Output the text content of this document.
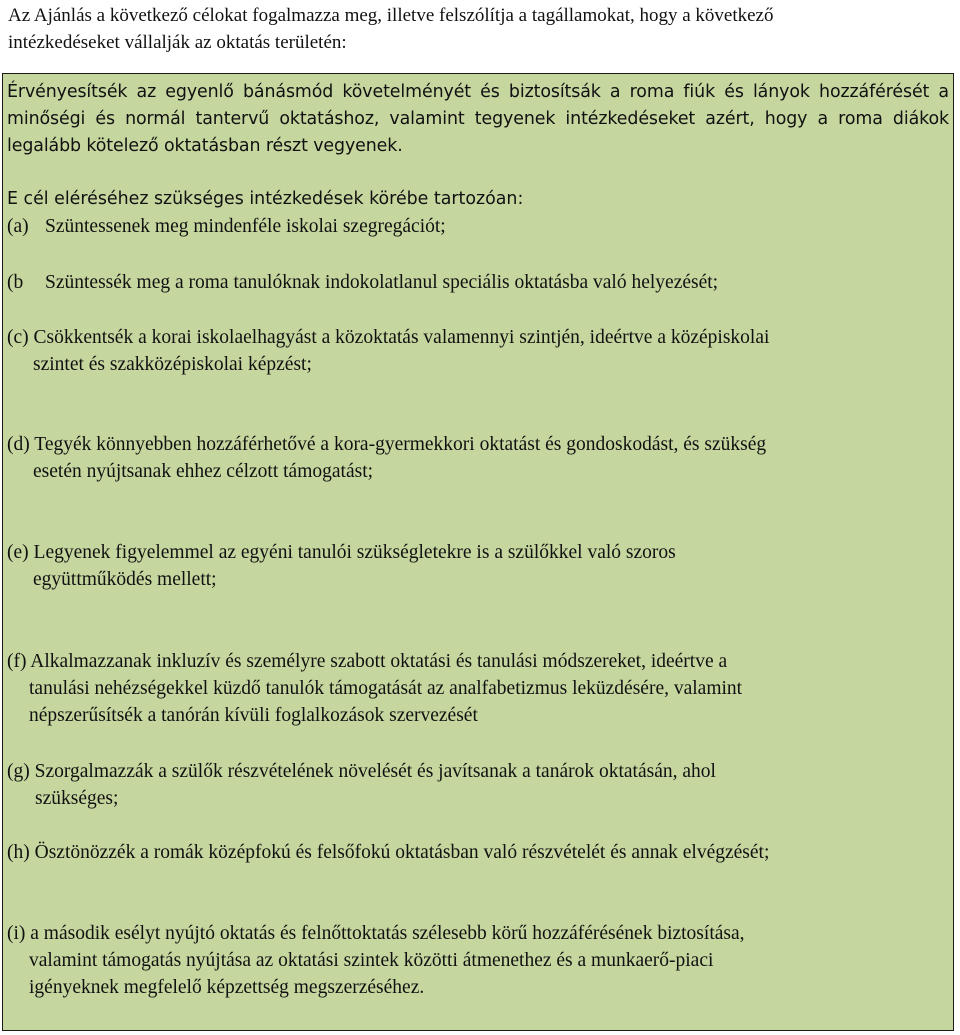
Az Ajánlás a következő célokat fogalmazza meg, illetve felszólítja a tagállamokat, hogy a következő
intézkedéseket vállalják az oktatás területén:
Érvényesítsék az egyenlő bánásmód követelményét és biztosítsák a roma fiúk és lányok hozzáférését a minőségi és normál tantervű oktatáshoz, valamint tegyenek intézkedéseket azért, hogy a roma diákok legalább kötelező oktatásban részt vegyenek.
E cél eléréséhez szükséges intézkedések körébe tartozóan:
(a) Szüntessenek meg mindenféle iskolai szegregációt;
(b Szüntessék meg a roma tanulóknak indokolatlanul speciális oktatásba való helyezését;
(c) Csökkentsék a korai iskolaelhagyást a közoktatás valamennyi szintjén, ideértve a középiskolai
szintet és szakközépiskolai képzést;
(d) Tegyék könnyebben hozzáférhetővé a kora-gyermekkori oktatást és gondoskodást, és szükség
esetén nyújtsanak ehhez célzott támogatást;
(e) Legyenek figyelemmel az egyéni tanulói szükségletekre is a szülőkkel való szoros
együttműködés mellett;
(f) Alkalmazzanak inkluzív és személyre szabott oktatási és tanulási módszereket, ideértve a
tanulási nehézségekkel küzdő tanulók támogatását az analfabetizmus leküzdésére, valamint
népszerűsítsék a tanórán kívüli foglalkozások szervezését
(g) Szorgalmazzák a szülők részvételének növelését és javítsanak a tanárok oktatásán, ahol
szükséges;
(h) Ösztönözzék a romák középfokú és felsőfokú oktatásban való részvételét és annak elvégzését;
(i) a második esélyt nyújtó oktatás és felnőttoktatás szélesebb körű hozzáférésének biztosítása,
valamint támogatás nyújtása az oktatási szintek közötti átmenethez és a munkaerő-piaci
igényeknek megfelelő képzettség megszerzéséhez.
